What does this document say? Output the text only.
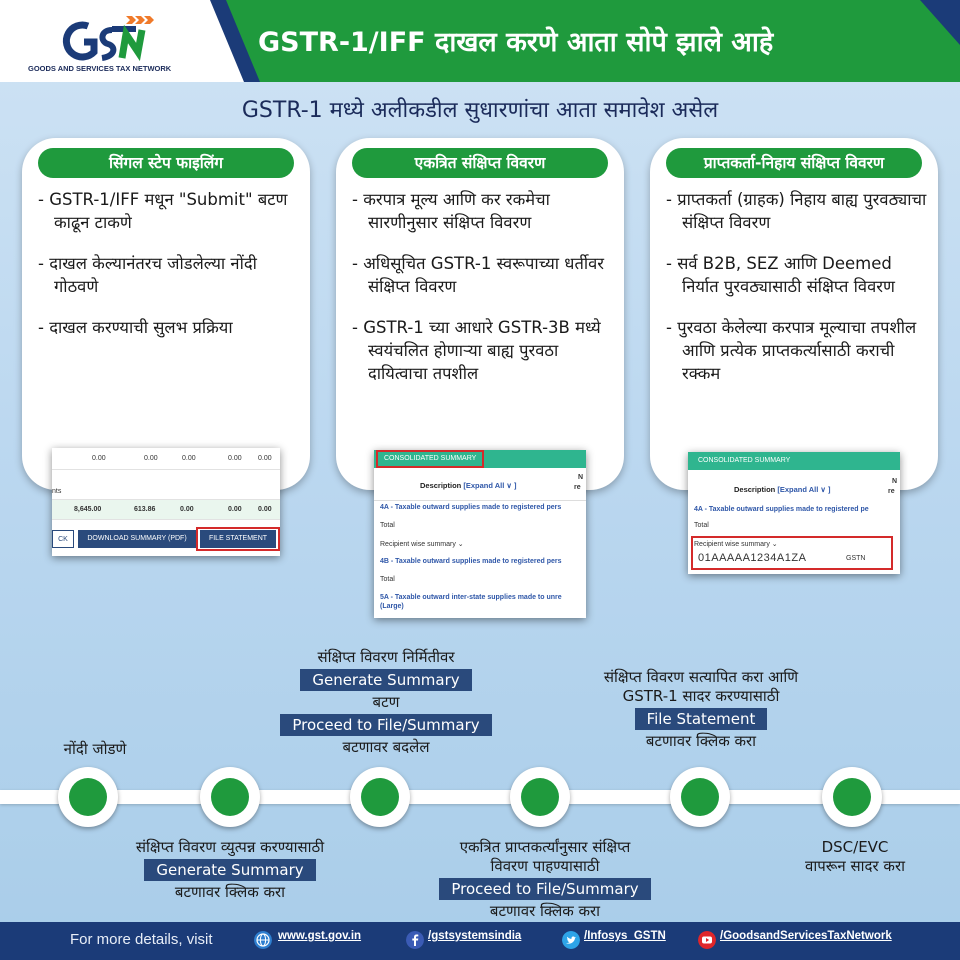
GOODS AND SERVICES TAX NETWORK
GSTR-1/IFF दाखल करणे आता सोपे झाले आहे
GSTR-1 मध्ये अलीकडील सुधारणांचा आता समावेश असेल
सिंगल स्टेप फाइलिंग
- GSTR-1/IFF मधून "Submit" बटण काढून टाकणे
- दाखल केल्यानंतरच जोडलेल्या नोंदी गोठवणे
- दाखल करण्याची सुलभ प्रक्रिया
एकत्रित संक्षिप्त विवरण
- करपात्र मूल्य आणि कर रकमेचा सारणीनुसार संक्षिप्त विवरण
- अधिसूचित GSTR-1 स्वरूपाच्या धर्तीवर संक्षिप्त विवरण
- GSTR-1 च्या आधारे GSTR-3B मध्ये स्वयंचलित होणाऱ्या बाह्य पुरवठा दायित्वाचा तपशील
प्राप्तकर्ता-निहाय संक्षिप्त विवरण
- प्राप्तकर्ता (ग्राहक) निहाय बाह्य पुरवठ्याचा संक्षिप्त विवरण
- सर्व B2B, SEZ आणि Deemed निर्यात पुरवठ्यासाठी संक्षिप्त विवरण
- पुरवठा केलेल्या करपात्र मूल्याचा तपशील आणि प्रत्येक प्राप्तकर्त्यासाठी कराची रक्कम
0.00	0.00	0.00	0.00 0.00
nts
8,645.00	613.86	0.00	0.00 0.00
CK	DOWNLOAD SUMMARY (PDF)	FILE STATEMENT
CONSOLIDATED SUMMARY
Description [Expand All ∨ ]
N
re
4A - Taxable outward supplies made to registered pers
Total
Recipient wise summary ⌄
4B - Taxable outward supplies made to registered pers
Total
5A - Taxable outward inter-state supplies made to unre
(Large)
CONSOLIDATED SUMMARY
Description [Expand All ∨ ]
N
re
4A - Taxable outward supplies made to registered pe
Total
Recipient wise summary ⌄
01AAAAA1234A1ZA	GSTN
नोंदी जोडणे
संक्षिप्त विवरण व्युत्पन्न करण्यासाठी
Generate Summary
बटणावर क्लिक करा
संक्षिप्त विवरण निर्मितीवर
Generate Summary
बटण
Proceed to File/Summary
बटणावर बदलेल
एकत्रित प्राप्तकर्त्यांनुसार संक्षिप्त
विवरण पाहण्यासाठी
Proceed to File/Summary
बटणावर क्लिक करा
संक्षिप्त विवरण सत्यापित करा आणि
GSTR-1 सादर करण्यासाठी
File Statement
बटणावर क्लिक करा
DSC/EVC
वापरून सादर करा
For more details, visit	www.gst.gov.in	/gstsystemsindia	/Infosys_GSTN	/GoodsandServicesTaxNetwork
